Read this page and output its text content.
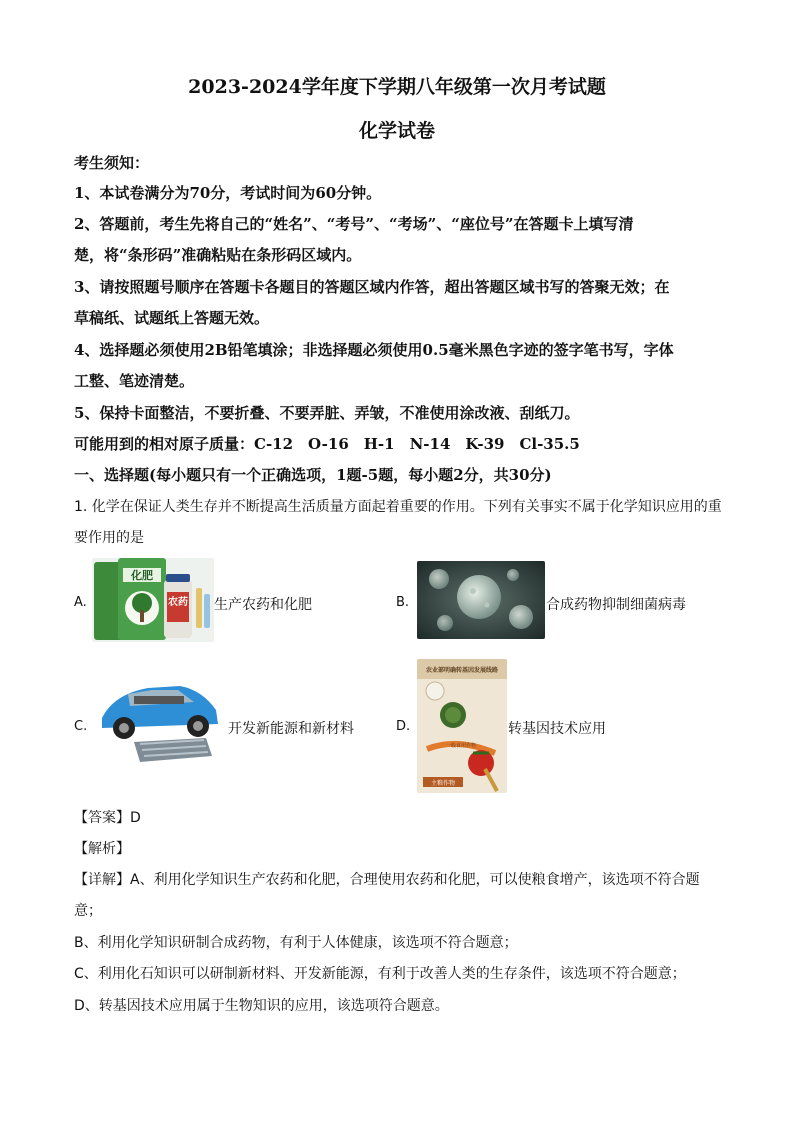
2023-2024学年度下学期八年级第一次月考试题
化学试卷
考生须知：
1、本试卷满分为70分，考试时间为60分钟。
2、答题前，考生先将自己的“姓名”、“考号”、“考场”、“座位号”在答题卡上填写清
楚，将“条形码”准确粘贴在条形码区域内。
3、请按照题号顺序在答题卡各题目的答题区域内作答，超出答题区域书写的答聚无效；在
草稿纸、试题纸上答题无效。
4、选择题必须使用2B铅笔填涂；非选择题必须使用0.5毫米黑色字迹的签字笔书写，字体
工整、笔迹清楚。
5、保持卡面整洁，不要折叠、不要弄脏、弄皱，不准使用涂改液、刮纸刀。
可能用到的相对原子质量：C-12　O-16　H-1　N-14　K-39　Cl-35.5
一、选择题(每小题只有一个正确选项，1题-5题，每小题2分，共30分)
1. 化学在保证人类生存并不断提高生活质量方面起着重要的作用。下列有关事实不属于化学知识应用的重
要作用的是
A.
化肥
农药 生产农药和化肥	B.	合成药物抑制细菌病毒
C.	开发新能源和新材料	D.
农业部明确转基因发展线路
一般食用作物
主粮作物
转基因技术应用
【答案】D
【解析】
【详解】A、利用化学知识生产农药和化肥，合理使用农药和化肥，可以使粮食增产，该选项不符合题
意；
B、利用化学知识研制合成药物，有利于人体健康，该选项不符合题意；
C、利用化石知识可以研制新材料、开发新能源，有利于改善人类的生存条件，该选项不符合题意；
D、转基因技术应用属于生物知识的应用，该选项符合题意。
